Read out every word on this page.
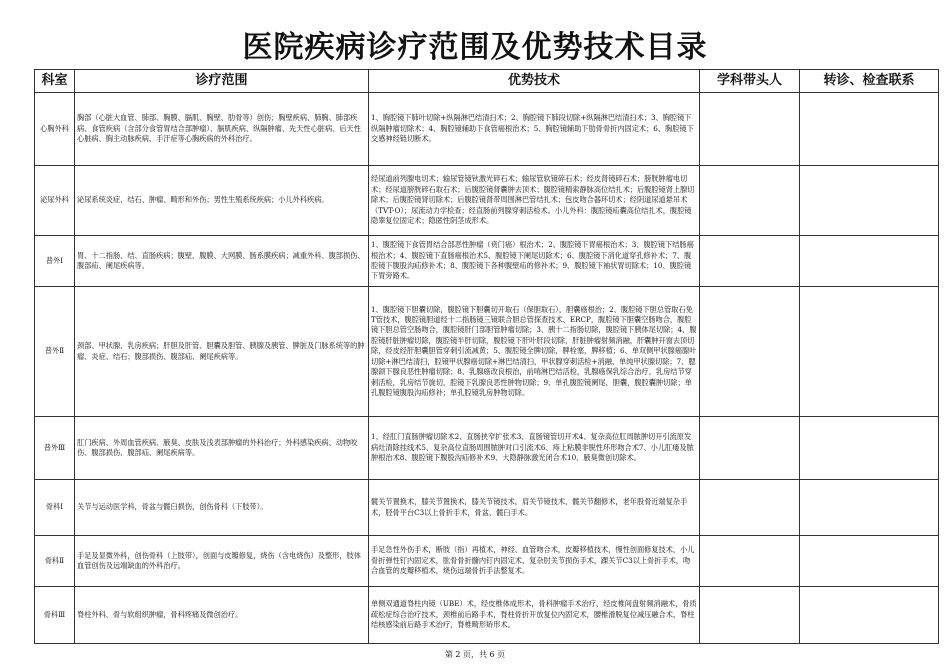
医院疾病诊疗范围及优势技术目录
科室	诊疗范围	优势技术	学科带头人	转诊、检查联系
心胸外科	胸部（心脏大血管、肺部、胸膜、膈肌、胸壁、肋骨等）创伤；胸壁疾病、肺胸、肺部疾病、食管疾病（含部分食管胃结合部肿瘤）、膈肌疾病、纵隔肿瘤、先天性心脏病、后天性心脏病、胸主动脉疾病、手汗症等心胸疾病的外科治疗。	1、胸腔镜下肺叶切除+纵隔淋巴结清扫术；2、胸腔镜下肺段切除+纵隔淋巴结清扫术；3、胸腔镜下纵隔肿瘤切除术；4、胸腔镜辅助下食管癌根治术；5、胸腔镜辅助下肋骨骨折内固定术；6、胸腔镜下交感神经链切断术。		
泌尿外科	泌尿系统炎症、结石、肿瘤、畸形和外伤；男性生殖系统疾病；小儿外科疾病。	经尿道前列腺电切术；输尿管镜钬激光碎石术；输尿管软镜碎石术；经皮肾镜碎石术；膀胱肿瘤电切术；经尿道膀胱碎石取石术；后腹腔镜肾囊肿去顶术；腹腔镜精索静脉高位结扎术；后腹腔镜肾上腺切除术；后腹腔镜肾切除术；后腹腔镜肾带周围淋巴管结扎术；包皮吻合器环切术；经阴道尿道悬吊术（TVT-O）；尿流动力学检查；经直肠前列腺穿刺活检术。小儿外科：腹腔镜疝囊高位结扎术，腹腔镜隐睾复位固定术；隐匿性阴茎成形术。		
普外Ⅰ	胃、十二指肠、结、直肠疾病；腹壁、腹膜、大网膜、肠系膜疾病；减重外科、腹部损伤、腹部疝、阑尾疾病等。	1、腹腔镜下食管胃结合部恶性肿瘤（贲门癌）根治术；2、腹腔镜下胃癌根治术；3、腹腔镜下结肠癌根治术；4、腹腔镜下直肠癌根治术5、腹腔镜下阑尾切除术；6、腹腔镜下消化道穿孔修补术；7、腹腔镜下腹股沟疝修补术；8、腹腔镜下各种腹壁疝的修补术；9、腹腔镜下袖状胃切除术；10、腹腔镜下胃旁路术。		
普外Ⅱ	颈部、甲状腺、乳房疾病；肝胆及肝管、胆囊及胆管、胰腺及胰管、脾脏及门脉系统等的肿瘤、炎症、结石；腹部损伤、腹部疝、阑尾疾病等。	1、腹腔镜下胆囊切除，腹腔镜下胆囊切开取石（保胆取石），胆囊癌根治；2、腹腔镜下胆总管取石免T管技术，腹腔镜胆道经十二指肠镜三镜联合胆总管探查技术、ERCP，腹腔镜下胆囊空肠吻合，腹腔镜下胆总管空肠吻合，腹腔镜肝门部胆管肿瘤切除；3、胰十二指肠切除，腹腔镜下胰体尾切除；4、腹腔镜肝脏肿瘤切除，腹腔镜半肝切除，腹腔镜下肝叶肝段切除，肝脏肿瘤射频消融，肝囊肿开窗去顶切除，经皮经肝胆囊胆管穿刺引流减黄；5、腹腔镜全脾切除，脾栓塞，脾移植；6、单双侧甲状腺癌腺叶切除+淋巴结清扫，腔镜甲状腺癌切除+淋巴结清扫，甲状腺穿刺活检+消融、单纯甲状腺切除；7、腮腺颌下腺良恶性肿瘤切除；8、乳腺癌改良根治，前哨淋巴结活检，乳腺癌保乳综合治疗，乳房结节穿刺活检，乳房结节旋切，腔镜下乳腺良恶性肿物切除；9、单孔腹腔镜阑尾，胆囊，腹腔囊肿切除；单孔腹腔镜腹股沟疝修补；单孔腔镜乳房肿物切除。		
普外Ⅲ	肛门疾病、外周血管疾病、腋臭、皮肤及浅表部肿瘤的外科治疗；外科感染疾病、动物咬伤、腹部损伤、腹部疝、阑尾疾病等。	1、经肛门直肠肿瘤切除术2、直肠狭窄扩张术3、直肠镜管切开术4、复杂高位肛周脓肿切开引流原发病灶清除挂线术5、复杂高位直肠周围脓肿对口引流术6、痔上粘膜非脱性环形吻合术7、小儿肛瘘及脓肿根治术8、腹腔镜下腹股沟疝修补术9、大隐静脉激光闭合术10、腋臭微创切除术。		
骨科Ⅰ	关节与运动医学科，骨盆与髋臼损伤，创伤骨科（下肢带）。	髋关节置换术，膝关节置换术，膝关节镜技术，肩关节镜技术，髋关节翻修术，老年股骨近端复杂手术，胫骨平台C3以上骨折手术，骨盆、髋臼手术。		
骨科Ⅱ	手足及显微外科，创伤骨科（上肢带），创面与皮瓣修复，烧伤（含电烧伤）及整形，肢体血管创伤及远端缺血的外科治疗。	手足急性外伤手术，断肢（指）再植术，神经、血管吻合术，皮瓣移植技术，慢性创面修复技术，小儿骨折弹性钉内固定术，肱骨骨折髓内钉内固定术，复杂肘关节损伤手术，踝关节C3以上骨折手术，吻合血管的皮瓣移植术，烧伤远端骨折手法整复术。		
骨科Ⅲ	脊柱外科、骨与软组织肿瘤，骨科疼痛及微创治疗。	单侧双通道脊柱内镜（UBE）术，经皮椎体成形术，骨科肿瘤手术治疗，经皮椎间盘射频消融术，骨质疏松症综合治疗技术，颈椎前后路手术，脊柱骨折开放复位内固定术，腰椎滑脱复位减压融合术，脊柱结核感染前后路手术治疗，脊椎畸形矫形术。		
第 2 页，共 6 页
